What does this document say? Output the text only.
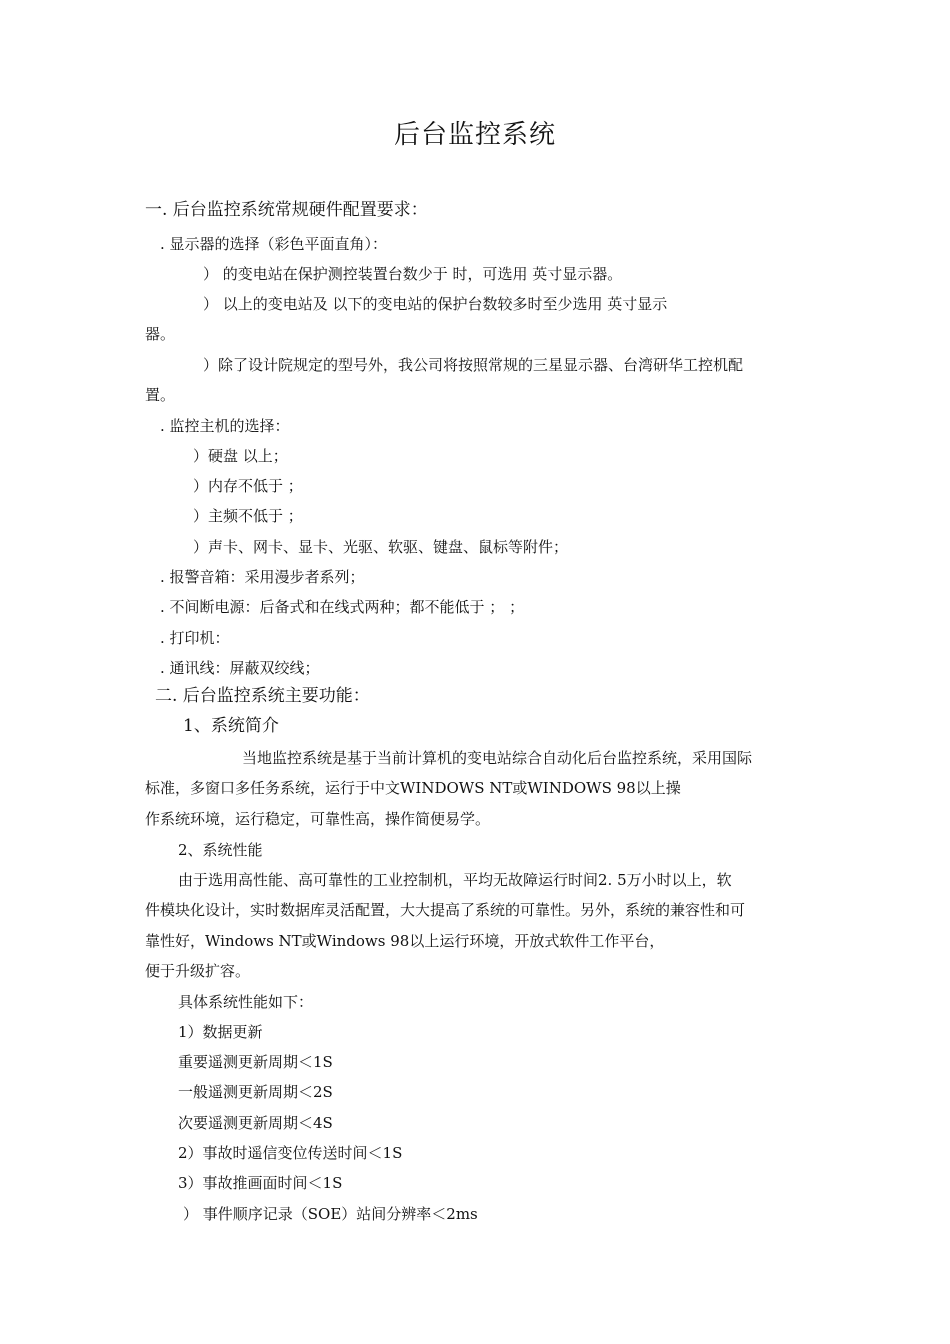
后台监控系统
一. 后台监控系统常规硬件配置要求：
. 显示器的选择（彩色平面直角）：
） 的变电站在保护测控装置台数少于 时，可选用 英寸显示器。
） 以上的变电站及 以下的变电站的保护台数较多时至少选用 英寸显示
器。
）除了设计院规定的型号外，我公司将按照常规的三星显示器、台湾研华工控机配
置。
. 监控主机的选择：
）硬盘 以上；
）内存不低于 ；
）主频不低于 ；
）声卡、网卡、显卡、光驱、软驱、键盘、鼠标等附件；
. 报警音箱：采用漫步者系列；
. 不间断电源：后备式和在线式两种；都不能低于 ； ；
. 打印机：
. 通讯线：屏蔽双绞线；
二. 后台监控系统主要功能：
1、系统简介
当地监控系统是基于当前计算机的变电站综合自动化后台监控系统，采用国际
标准，多窗口多任务系统，运行于中文WINDOWS NT或WINDOWS 98以上操
作系统环境，运行稳定，可靠性高，操作简便易学。
2、系统性能
由于选用高性能、高可靠性的工业控制机，平均无故障运行时间2. 5万小时以上，软
件模块化设计，实时数据库灵活配置，大大提高了系统的可靠性。另外，系统的兼容性和可
靠性好，Windows NT或Windows 98以上运行环境，开放式软件工作平台，
便于升级扩容。
具体系统性能如下：
1）数据更新
重要遥测更新周期＜1S
一般遥测更新周期＜2S
次要遥测更新周期＜4S
2）事故时遥信变位传送时间＜1S
3）事故推画面时间＜1S
） 事件顺序记录（SOE）站间分辨率＜2ms
